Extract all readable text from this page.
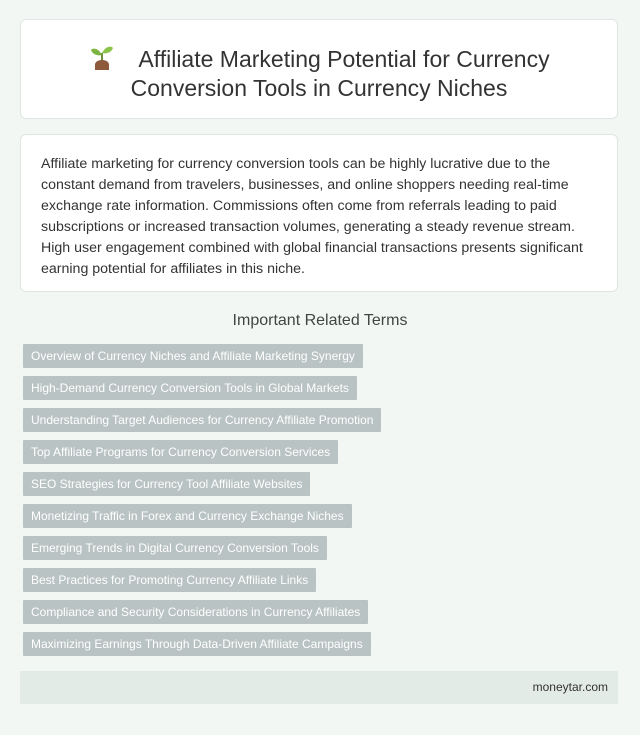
Affiliate Marketing Potential for Currency
Conversion Tools in Currency Niches

Affiliate marketing for currency conversion tools can be highly lucrative due to the constant demand from travelers, businesses, and online shoppers needing real-time exchange rate information. Commissions often come from referrals leading to paid subscriptions or increased transaction volumes, generating a steady revenue stream. High user engagement combined with global financial transactions presents significant earning potential for affiliates in this niche.

Important Related Terms
Overview of Currency Niches and Affiliate Marketing Synergy
High-Demand Currency Conversion Tools in Global Markets
Understanding Target Audiences for Currency Affiliate Promotion
Top Affiliate Programs for Currency Conversion Services
SEO Strategies for Currency Tool Affiliate Websites
Monetizing Traffic in Forex and Currency Exchange Niches
Emerging Trends in Digital Currency Conversion Tools
Best Practices for Promoting Currency Affiliate Links
Compliance and Security Considerations in Currency Affiliates
Maximizing Earnings Through Data-Driven Affiliate Campaigns
moneytar.com
